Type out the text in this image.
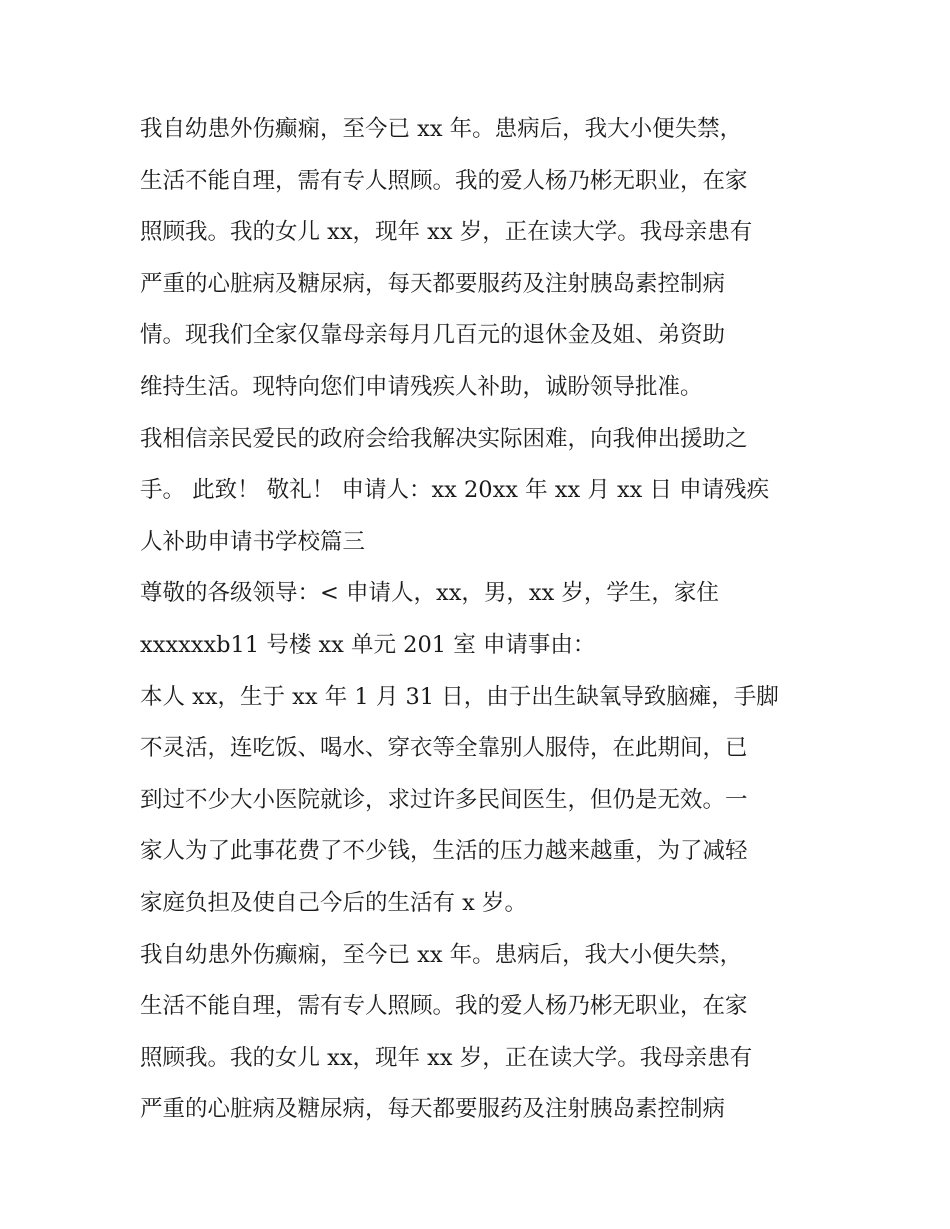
我自幼患外伤癫痫，至今已 xx 年。患病后，我大小便失禁，
生活不能自理，需有专人照顾。我的爱人杨乃彬无职业，在家
照顾我。我的女儿 xx，现年 xx 岁，正在读大学。我母亲患有
严重的心脏病及糖尿病，每天都要服药及注射胰岛素控制病
情。现我们全家仅靠母亲每月几百元的退休金及姐、弟资助
维持生活。现特向您们申请残疾人补助，诚盼领导批准。
我相信亲民爱民的政府会给我解决实际困难，向我伸出援助之
手。 此致！ 敬礼！ 申请人：xx 20xx 年 xx 月 xx 日 申请残疾
人补助申请书学校篇三
尊敬的各级领导：< 申请人，xx，男，xx 岁，学生，家住
xxxxxxb11 号楼 xx 单元 201 室 申请事由：
本人 xx，生于 xx 年 1 月 31 日，由于出生缺氧导致脑瘫，手脚
不灵活，连吃饭、喝水、穿衣等全靠别人服侍，在此期间，已
到过不少大小医院就诊，求过许多民间医生，但仍是无效。一
家人为了此事花费了不少钱，生活的压力越来越重，为了减轻
家庭负担及使自己今后的生活有 x 岁。
我自幼患外伤癫痫，至今已 xx 年。患病后，我大小便失禁，
生活不能自理，需有专人照顾。我的爱人杨乃彬无职业，在家
照顾我。我的女儿 xx，现年 xx 岁，正在读大学。我母亲患有
严重的心脏病及糖尿病，每天都要服药及注射胰岛素控制病
